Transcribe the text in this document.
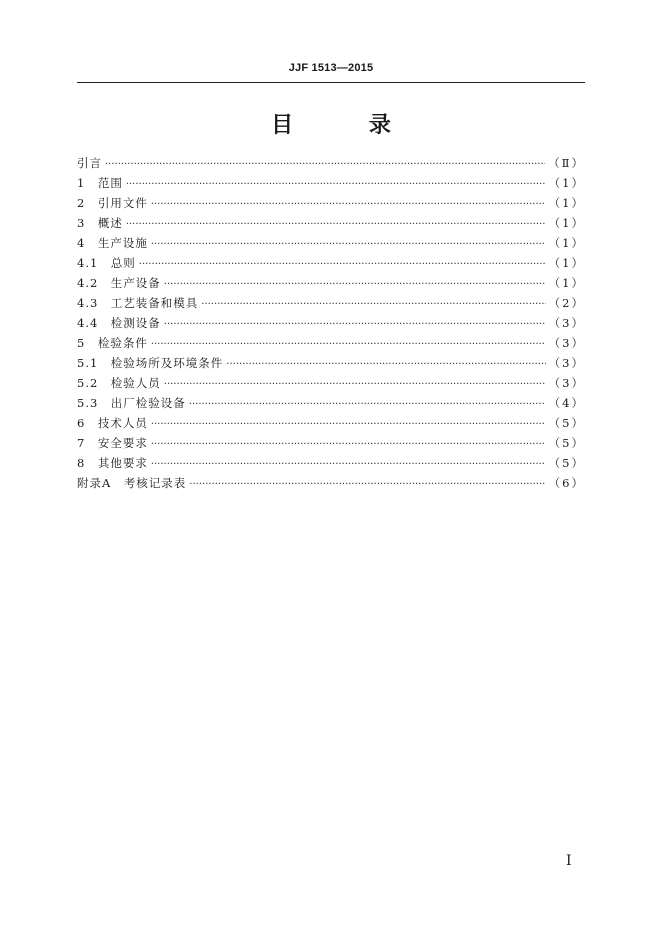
JJF 1513—2015
目 录
引言 ·····	（Ⅱ）
1　范围 ·····	（1）
2　引用文件 ·····	（1）
3　概述 ·····	（1）
4　生产设施 ·····	（1）
4.1　总则 ·····	（1）
4.2　生产设备 ·····	（1）
4.3　工艺装备和模具 ·····	（2）
4.4　检测设备 ·····	（3）
5　检验条件 ·····	（3）
5.1　检验场所及环境条件 ·····	（3）
5.2　检验人员 ·····	（3）
5.3　出厂检验设备 ·····	（4）
6　技术人员 ·····	（5）
7　安全要求 ·····	（5）
8　其他要求 ·····	（5）
附录A　考核记录表 ·····	（6）
Ⅰ
